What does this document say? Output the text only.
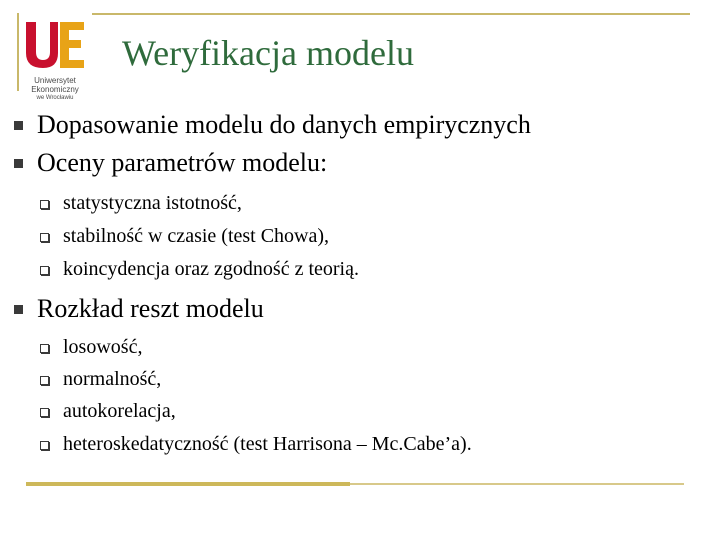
Uniwersytet
Ekonomiczny
we Wrocławiu
Weryfikacja modelu
Dopasowanie modelu do danych empirycznych
Oceny parametrów modelu:
statystyczna istotność,
stabilność w czasie (test Chowa),
koincydencja oraz zgodność z teorią.
Rozkład reszt modelu
losowość,
normalność,
autokorelacja,
heteroskedatyczność (test Harrisona – Mc.Cabe’a).
